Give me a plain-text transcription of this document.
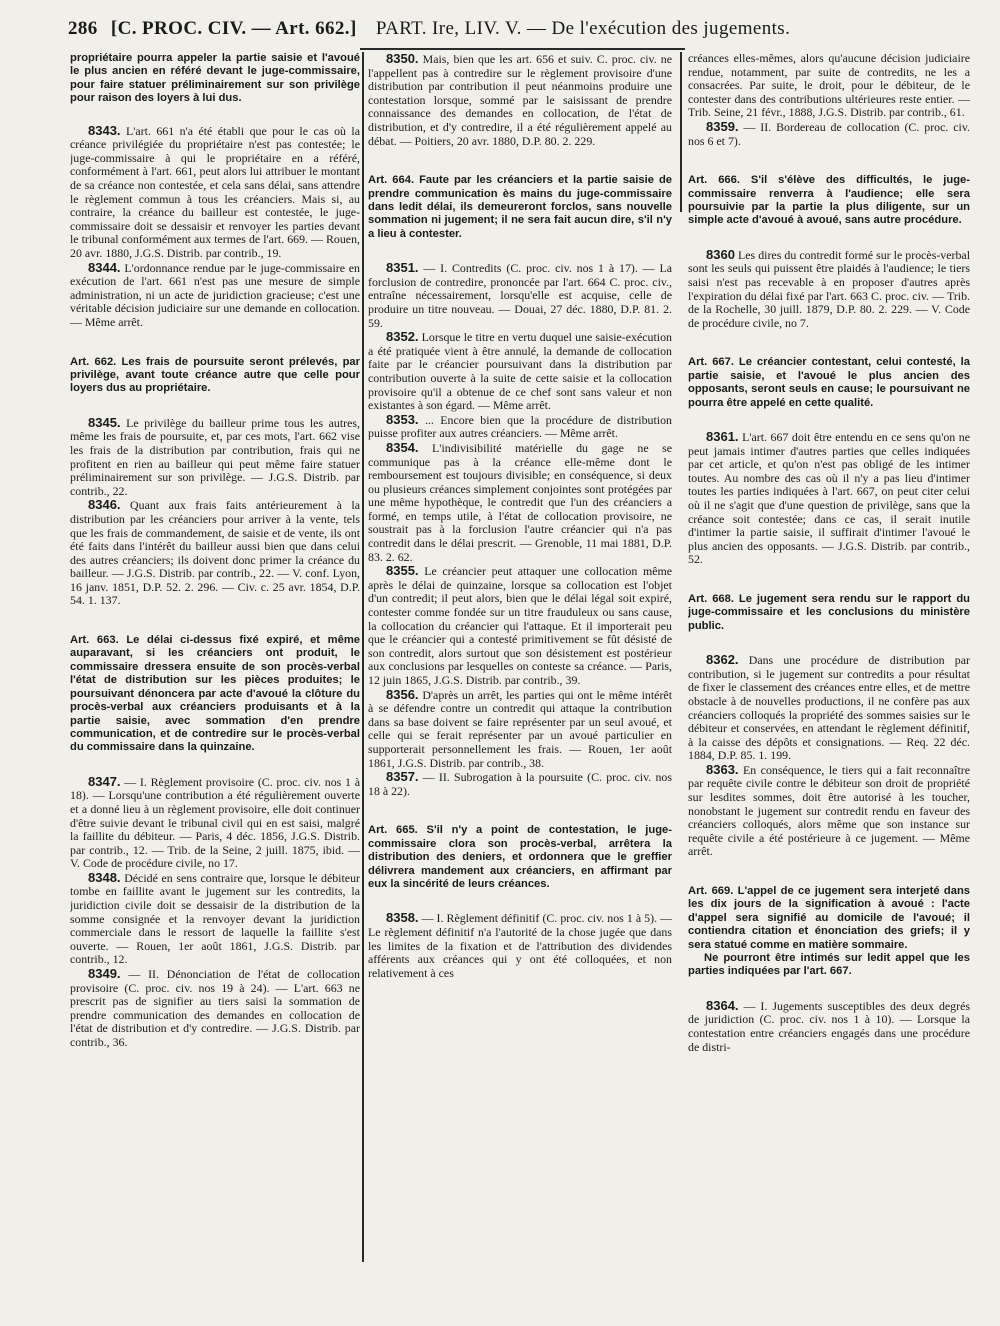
286 [C. PROC. CIV. — Art. 662.] PART. Ire, LIV. V. — De l'exécution des jugements.

propriétaire pourra appeler la partie saisie et l'avoué le plus ancien en référé devant le juge-commissaire, pour faire statuer préliminairement sur son privilège pour raison des loyers à lui dus.

8343. L'art. 661 n'a été établi que pour le cas où la créance privilégiée du propriétaire n'est pas contestée; le juge-commissaire à qui le propriétaire en a référé, conformément à l'art. 661, peut alors lui attribuer le montant de sa créance non contestée, et cela sans délai, sans attendre le règlement commun à tous les créanciers. Mais si, au contraire, la créance du bailleur est contestée, le juge-commissaire doit se dessaisir et renvoyer les parties devant le tribunal conformément aux termes de l'art. 669. — Rouen, 20 avr. 1880, J.G.S. Distrib. par contrib., 19.

8344. L'ordonnance rendue par le juge-commissaire en exécution de l'art. 661 n'est pas une mesure de simple administration, ni un acte de juridiction gracieuse; c'est une véritable décision judiciaire sur une demande en collocation. — Même arrêt.

Art. 662. Les frais de poursuite seront prélevés, par privilège, avant toute créance autre que celle pour loyers dus au propriétaire.

8345. Le privilège du bailleur prime tous les autres, même les frais de poursuite, et, par ces mots, l'art. 662 vise les frais de la distribution par contribution, frais qui ne profitent en rien au bailleur qui peut même faire statuer préliminairement sur son privilège. — J.G.S. Distrib. par contrib., 22.

8346. Quant aux frais faits antérieurement à la distribution par les créanciers pour arriver à la vente, tels que les frais de commandement, de saisie et de vente, ils ont été faits dans l'intérêt du bailleur aussi bien que dans celui des autres créanciers; ils doivent donc primer la créance du bailleur. — J.G.S. Distrib. par contrib., 22. — V. conf. Lyon, 16 janv. 1851, D.P. 52. 2. 296. — Civ. c. 25 avr. 1854, D.P. 54. 1. 137.

Art. 663. Le délai ci-dessus fixé expiré, et même auparavant, si les créanciers ont produit, le commissaire dressera ensuite de son procès-verbal l'état de distribution sur les pièces produites; le poursuivant dénoncera par acte d'avoué la clôture du procès-verbal aux créanciers produisants et à la partie saisie, avec sommation d'en prendre communication, et de contredire sur le procès-verbal du commissaire dans la quinzaine.

8347. — I. Règlement provisoire (C. proc. civ. nos 1 à 18). — Lorsqu'une contribution a été régulièrement ouverte et a donné lieu à un règlement provisoire, elle doit continuer d'être suivie devant le tribunal civil qui en est saisi, malgré la faillite du débiteur. — Paris, 4 déc. 1856, J.G.S. Distrib. par contrib., 12. — Trib. de la Seine, 2 juill. 1875, ibid. — V. Code de procédure civile, no 17.

8348. Décidé en sens contraire que, lorsque le débiteur tombe en faillite avant le jugement sur les contredits, la juridiction civile doit se dessaisir de la distribution de la somme consignée et la renvoyer devant la juridiction commerciale dans le ressort de laquelle la faillite s'est ouverte. — Rouen, 1er août 1861, J.G.S. Distrib. par contrib., 12.

8349. — II. Dénonciation de l'état de collocation provisoire (C. proc. civ. nos 19 à 24). — L'art. 663 ne prescrit pas de signifier au tiers saisi la sommation de prendre communication des demandes en collocation de l'état de distribution et d'y contredire. — J.G.S. Distrib. par contrib., 36.

8350. Mais, bien que les art. 656 et suiv. C. proc. civ. ne l'appellent pas à contredire sur le règlement provisoire d'une distribution par contribution il peut néanmoins produire une contestation lorsque, sommé par le saisissant de prendre connaissance des demandes en collocation, de l'état de distribution, et d'y contredire, il a été régulièrement appelé au débat. — Poitiers, 20 avr. 1880, D.P. 80. 2. 229.

Art. 664. Faute par les créanciers et la partie saisie de prendre communication ès mains du juge-commissaire dans ledit délai, ils demeureront forclos, sans nouvelle sommation ni jugement; il ne sera fait aucun dire, s'il n'y a lieu à contester.

8351. — I. Contredits (C. proc. civ. nos 1 à 17). — La forclusion de contredire, prononcée par l'art. 664 C. proc. civ., entraîne nécessairement, lorsqu'elle est acquise, celle de produire un titre nouveau. — Douai, 27 déc. 1880, D.P. 81. 2. 59.

8352. Lorsque le titre en vertu duquel une saisie-exécution a été pratiquée vient à être annulé, la demande de collocation faite par le créancier poursuivant dans la distribution par contribution ouverte à la suite de cette saisie et la collocation provisoire qu'il a obtenue de ce chef sont sans valeur et non existantes à son égard. — Même arrêt.

8353. ... Encore bien que la procédure de distribution puisse profiter aux autres créanciers. — Même arrêt.

8354. L'indivisibilité matérielle du gage ne se communique pas à la créance elle-même dont le remboursement est toujours divisible; en conséquence, si deux ou plusieurs créances simplement conjointes sont protégées par une même hypothèque, le contredit que l'un des créanciers a formé, en temps utile, à l'état de collocation provisoire, ne soustrait pas à la forclusion l'autre créancier qui n'a pas contredit dans le délai prescrit. — Grenoble, 11 mai 1881, D.P. 83. 2. 62.

8355. Le créancier peut attaquer une collocation même après le délai de quinzaine, lorsque sa collocation est l'objet d'un contredit; il peut alors, bien que le délai légal soit expiré, contester comme fondée sur un titre frauduleux ou sans cause, la collocation du créancier qui l'attaque. Et il importerait peu que le créancier qui a contesté primitivement se fût désisté de son contredit, alors surtout que son désistement est postérieur aux conclusions par lesquelles on conteste sa créance. — Paris, 12 juin 1865, J.G.S. Distrib. par contrib., 39.

8356. D'après un arrêt, les parties qui ont le même intérêt à se défendre contre un contredit qui attaque la contribution dans sa base doivent se faire représenter par un seul avoué, et celle qui se ferait représenter par un avoué particulier en supporterait personnellement les frais. — Rouen, 1er août 1861, J.G.S. Distrib. par contrib., 38.

8357. — II. Subrogation à la poursuite (C. proc. civ. nos 18 à 22).

Art. 665. S'il n'y a point de contestation, le juge-commissaire clora son procès-verbal, arrêtera la distribution des deniers, et ordonnera que le greffier délivrera mandement aux créanciers, en affirmant par eux la sincérité de leurs créances.

8358. — I. Règlement définitif (C. proc. civ. nos 1 à 5). — Le règlement définitif n'a l'autorité de la chose jugée que dans les limites de la fixation et de l'attribution des dividendes afférents aux créances qui y ont été colloquées, et non relativement à ces

créances elles-mêmes, alors qu'aucune décision judiciaire rendue, notamment, par suite de contredits, ne les a consacrées. Par suite, le droit, pour le débiteur, de le contester dans des contributions ultérieures reste entier. — Trib. Seine, 21 févr., 1888, J.G.S. Distrib. par contrib., 61.

8359. — II. Bordereau de collocation (C. proc. civ. nos 6 et 7).

Art. 666. S'il s'élève des difficultés, le juge-commissaire renverra à l'audience; elle sera poursuivie par la partie la plus diligente, sur un simple acte d'avoué à avoué, sans autre procédure.

8360 Les dires du contredit formé sur le procès-verbal sont les seuls qui puissent être plaidés à l'audience; le tiers saisi n'est pas recevable à en proposer d'autres après l'expiration du délai fixé par l'art. 663 C. proc. civ. — Trib. de la Rochelle, 30 juill. 1879, D.P. 80. 2. 229. — V. Code de procédure civile, no 7.

Art. 667. Le créancier contestant, celui contesté, la partie saisie, et l'avoué le plus ancien des opposants, seront seuls en cause; le poursuivant ne pourra être appelé en cette qualité.

8361. L'art. 667 doit être entendu en ce sens qu'on ne peut jamais intimer d'autres parties que celles indiquées par cet article, et qu'on n'est pas obligé de les intimer toutes. Au nombre des cas où il n'y a pas lieu d'intimer toutes les parties indiquées à l'art. 667, on peut citer celui où il ne s'agit que d'une question de privilège, sans que la créance soit contestée; dans ce cas, il serait inutile d'intimer la partie saisie, il suffirait d'intimer l'avoué le plus ancien des opposants. — J.G.S. Distrib. par contrib., 52.

Art. 668. Le jugement sera rendu sur le rapport du juge-commissaire et les conclusions du ministère public.

8362. Dans une procédure de distribution par contribution, si le jugement sur contredits a pour résultat de fixer le classement des créances entre elles, et de mettre obstacle à de nouvelles productions, il ne confère pas aux créanciers colloqués la propriété des sommes saisies sur le débiteur et conservées, en attendant le règlement définitif, à la caisse des dépôts et consignations. — Req. 22 déc. 1884, D.P. 85. 1. 199.

8363. En conséquence, le tiers qui a fait reconnaître par requête civile contre le débiteur son droit de propriété sur lesdites sommes, doit être autorisé à les toucher, nonobstant le jugement sur contredit rendu en faveur des créanciers colloqués, alors même que son instance sur requête civile a été postérieure à ce jugement. — Même arrêt.

Art. 669. L'appel de ce jugement sera interjeté dans les dix jours de la signification à avoué : l'acte d'appel sera signifié au domicile de l'avoué; il contiendra citation et énonciation des griefs; il y sera statué comme en matière sommaire.

Ne pourront être intimés sur ledit appel que les parties indiquées par l'art. 667.

8364. — I. Jugements susceptibles des deux degrés de juridiction (C. proc. civ. nos 1 à 10). — Lorsque la contestation entre créanciers engagés dans une procédure de distri-
